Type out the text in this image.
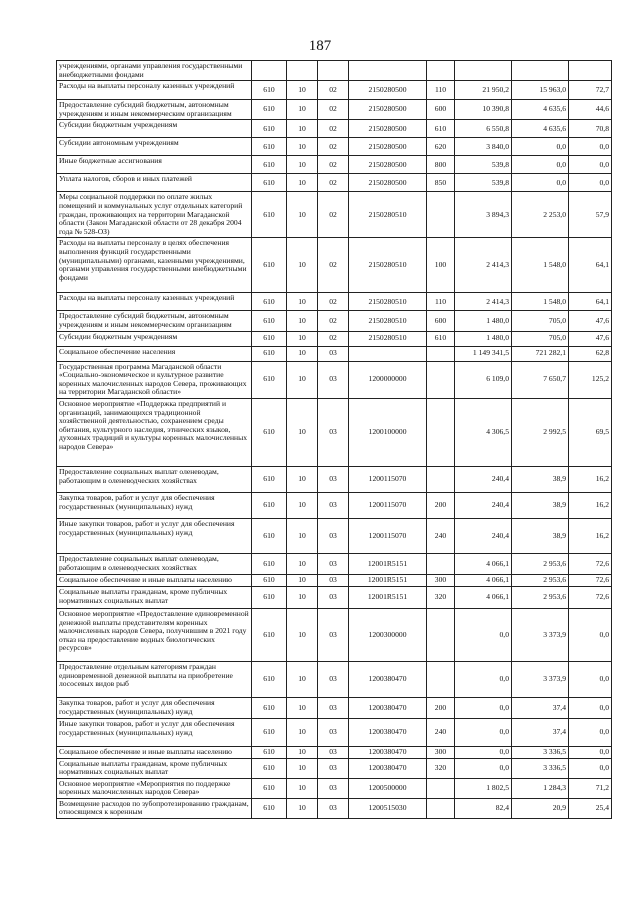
187
учреждениями, органами управления государственными внебюджетными фондами								
Расходы на выплаты персоналу казенных учреждений	610	10	02	2150280500	110	21 950,2	15 963,0	72,7
Предоставление субсидий бюджетным, автономным учреждениям и иным некоммерческим организациям	610	10	02	2150280500	600	10 390,8	4 635,6	44,6
Субсидии бюджетным учреждениям	610	10	02	2150280500	610	6 550,8	4 635,6	70,8
Субсидии автономным учреждениям	610	10	02	2150280500	620	3 840,0	0,0	0,0
Иные бюджетные ассигнования	610	10	02	2150280500	800	539,8	0,0	0,0
Уплата налогов, сборов и иных платежей	610	10	02	2150280500	850	539,8	0,0	0,0
Меры социальной поддержки по оплате жилых помещений и коммунальных услуг отдельных категорий граждан, проживающих на территории Магаданской области (Закон Магаданской области от 28 декабря 2004 года № 528-ОЗ)	610	10	02	2150280510		3 894,3	2 253,0	57,9
Расходы на выплаты персоналу в целях обеспечения выполнения функций государственными (муниципальными) органами, казенными учреждениями, органами управления государственными внебюджетными фондами	610	10	02	2150280510	100	2 414,3	1 548,0	64,1
Расходы на выплаты персоналу казенных учреждений	610	10	02	2150280510	110	2 414,3	1 548,0	64,1
Предоставление субсидий бюджетным, автономным учреждениям и иным некоммерческим организациям	610	10	02	2150280510	600	1 480,0	705,0	47,6
Субсидии бюджетным учреждениям	610	10	02	2150280510	610	1 480,0	705,0	47,6
Социальное обеспечение населения	610	10	03			1 149 341,5	721 282,1	62,8
Государственная программа Магаданской области «Социально-экономическое и культурное развитие коренных малочисленных народов Севера, проживающих на территории Магаданской области»	610	10	03	1200000000		6 109,0	7 650,7	125,2
Основное мероприятие «Поддержка предприятий и организаций, занимающихся традиционной хозяйственной деятельностью, сохранением среды обитания, культурного наследия, этнических языков, духовных традиций и культуры коренных малочисленных народов Севера»	610	10	03	1200100000		4 306,5	2 992,5	69,5
Предоставление социальных выплат оленеводам, работающим в оленеводческих хозяйствах	610	10	03	1200115070		240,4	38,9	16,2
Закупка товаров, работ и услуг для обеспечения государственных (муниципальных) нужд	610	10	03	1200115070	200	240,4	38,9	16,2
Иные закупки товаров, работ и услуг для обеспечения государственных (муниципальных) нужд	610	10	03	1200115070	240	240,4	38,9	16,2
Предоставление социальных выплат оленеводам, работающим в оленеводческих хозяйствах	610	10	03	12001R5151		4 066,1	2 953,6	72,6
Социальное обеспечение и иные выплаты населению	610	10	03	12001R5151	300	4 066,1	2 953,6	72,6
Социальные выплаты гражданам, кроме публичных нормативных социальных выплат	610	10	03	12001R5151	320	4 066,1	2 953,6	72,6
Основное мероприятие «Предоставление единовременной денежной выплаты представителям коренных малочисленных народов Севера, получившим в 2021 году отказ на предоставление водных биологических ресурсов»	610	10	03	1200300000		0,0	3 373,9	0,0
Предоставление отдельным категориям граждан единовременной денежной выплаты на приобретение лососевых видов рыб	610	10	03	1200380470		0,0	3 373,9	0,0
Закупка товаров, работ и услуг для обеспечения государственных (муниципальных) нужд	610	10	03	1200380470	200	0,0	37,4	0,0
Иные закупки товаров, работ и услуг для обеспечения государственных (муниципальных) нужд	610	10	03	1200380470	240	0,0	37,4	0,0
Социальное обеспечение и иные выплаты населению	610	10	03	1200380470	300	0,0	3 336,5	0,0
Социальные выплаты гражданам, кроме публичных нормативных социальных выплат	610	10	03	1200380470	320	0,0	3 336,5	0,0
Основное мероприятие «Мероприятия по поддержке коренных малочисленных народов Севера»	610	10	03	1200500000		1 802,5	1 284,3	71,2
Возмещение расходов по зубопротезированию гражданам, относящимся к коренным	610	10	03	1200515030		82,4	20,9	25,4
